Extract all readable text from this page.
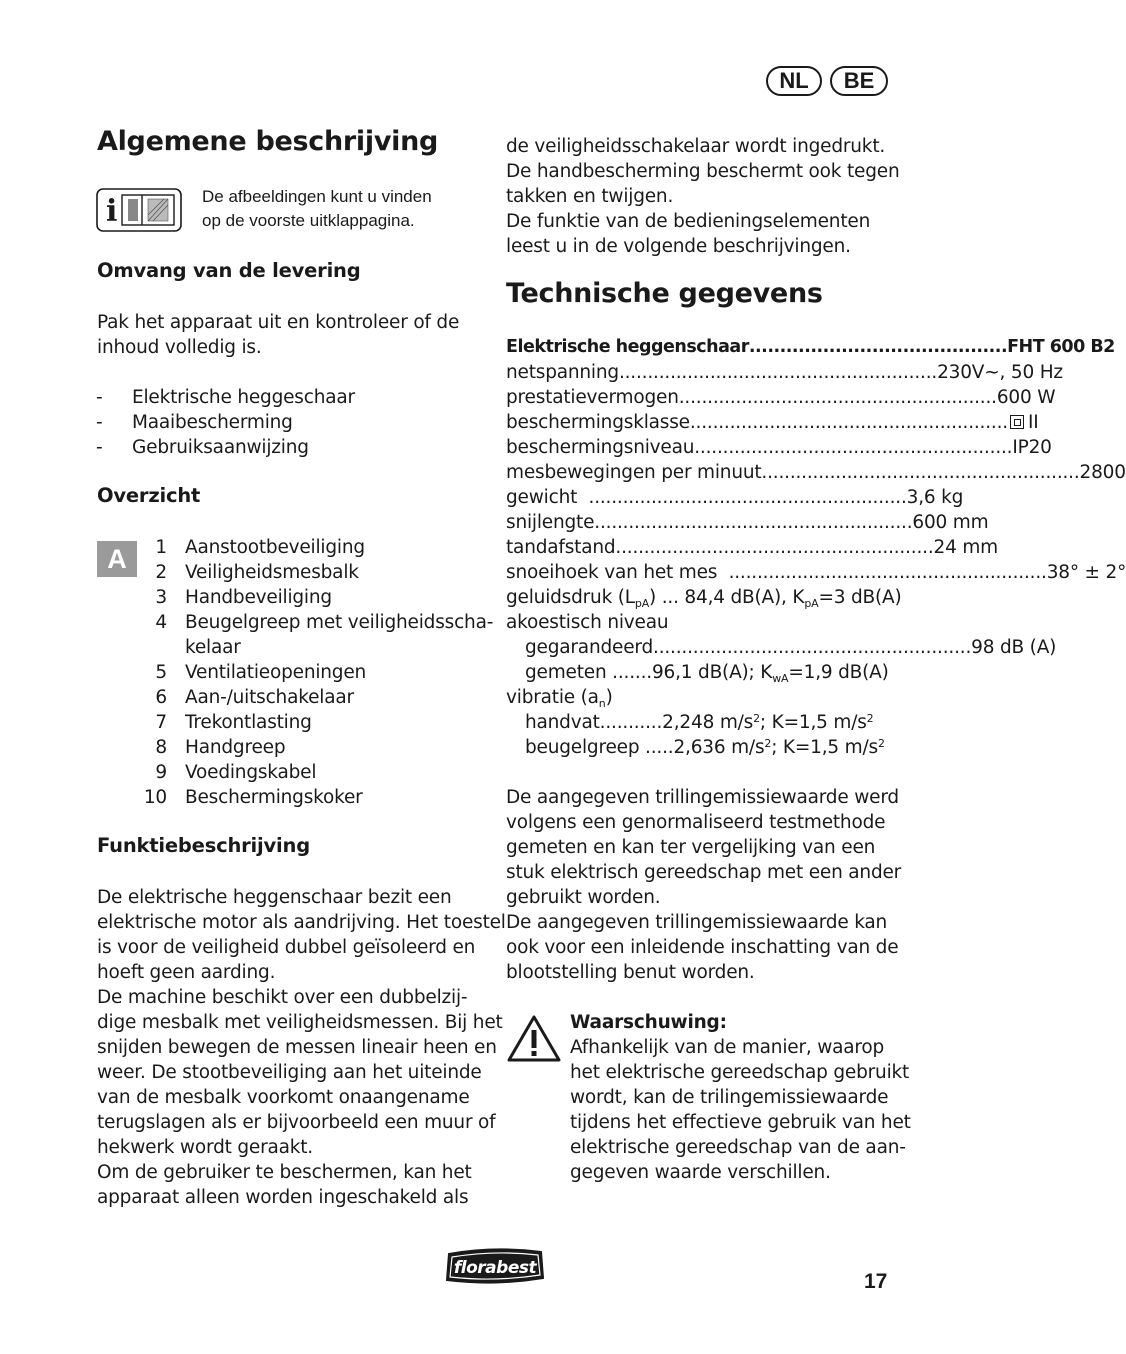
NL	BE
Algemene beschrijving
i	De afbeeldingen kunt u vinden
op de voorste uitklappagina.
Omvang van de levering
Pak het apparaat uit en kontroleer of de
inhoud volledig is.
- Elektrische heggeschaar
- Maaibescherming
- Gebruiksaanwijzing
Overzicht
A	1 Aanstootbeveiliging
2 Veiligheidsmesbalk
3 Handbeveiliging
4 Beugelgreep met veiligheidsscha-
kelaar
5 Ventilatieopeningen
6 Aan-/uitschakelaar
7 Trekontlasting
8 Handgreep
9 Voedingskabel
10 Beschermingskoker
Funktiebeschrijving
De elektrische heggenschaar bezit een
elektrische motor als aandrijving. Het toestel
is voor de veiligheid dubbel geïsoleerd en
hoeft geen aarding.
De machine beschikt over een dubbelzij-
dige mesbalk met veiligheidsmessen. Bij het
snijden bewegen de messen lineair heen en
weer. De stootbeveiliging aan het uiteinde
van de mesbalk voorkomt onaangename
terugslagen als er bijvoorbeeld een muur of
hekwerk wordt geraakt.
Om de gebruiker te beschermen, kan het
apparaat alleen worden ingeschakeld als
de veiligheidsschakelaar wordt ingedrukt.
De handbescherming beschermt ook tegen
takken en twijgen.
De funktie van de bedieningselementen
leest u in de volgende beschrijvingen.
Technische gegevens
Elektrische heggenschaar .......................................... FHT 600 B2
netspanning ........................................................ 230V~, 50 Hz
prestatievermogen ........................................................ 600 W
beschermingsklasse ........................................................	II
beschermingsniveau ........................................................ IP20
mesbewegingen per minuut ........................................................ 2800
gewicht ........................................................ 3,6 kg
snijlengte ........................................................ 600 mm
tandafstand ........................................................ 24 mm
snoeihoek van het mes ........................................................ 38° ± 2°
geluidsdruk $(L_{pA})$ ... 84,4 dB(A), $K_{pA}=3$ dB(A)
akoestisch niveau
gegarandeerd ........................................................ 98 dB (A)
gemeten .......96,1 dB(A); $K_{wA}=1,9$ dB(A)
vibratie $(a_n)$
handvat...........2,248 $m/s^2$; K=1,5 $m/s^2$
beugelgreep .....2,636 $m/s^2$; K=1,5 $m/s^2$
De aangegeven trillingemissiewaarde werd
volgens een genormaliseerd testmethode
gemeten en kan ter vergelijking van een
stuk elektrisch gereedschap met een ander
gebruikt worden.
De aangegeven trillingemissiewaarde kan
ook voor een inleidende inschatting van de
blootstelling benut worden.
Waarschuwing:
Afhankelijk van de manier, waarop
het elektrische gereedschap gebruikt
wordt, kan de trilingemissiewaarde
tijdens het effectieve gebruik van het
elektrische gereedschap van de aan-
gegeven waarde verschillen.
florabest
17
